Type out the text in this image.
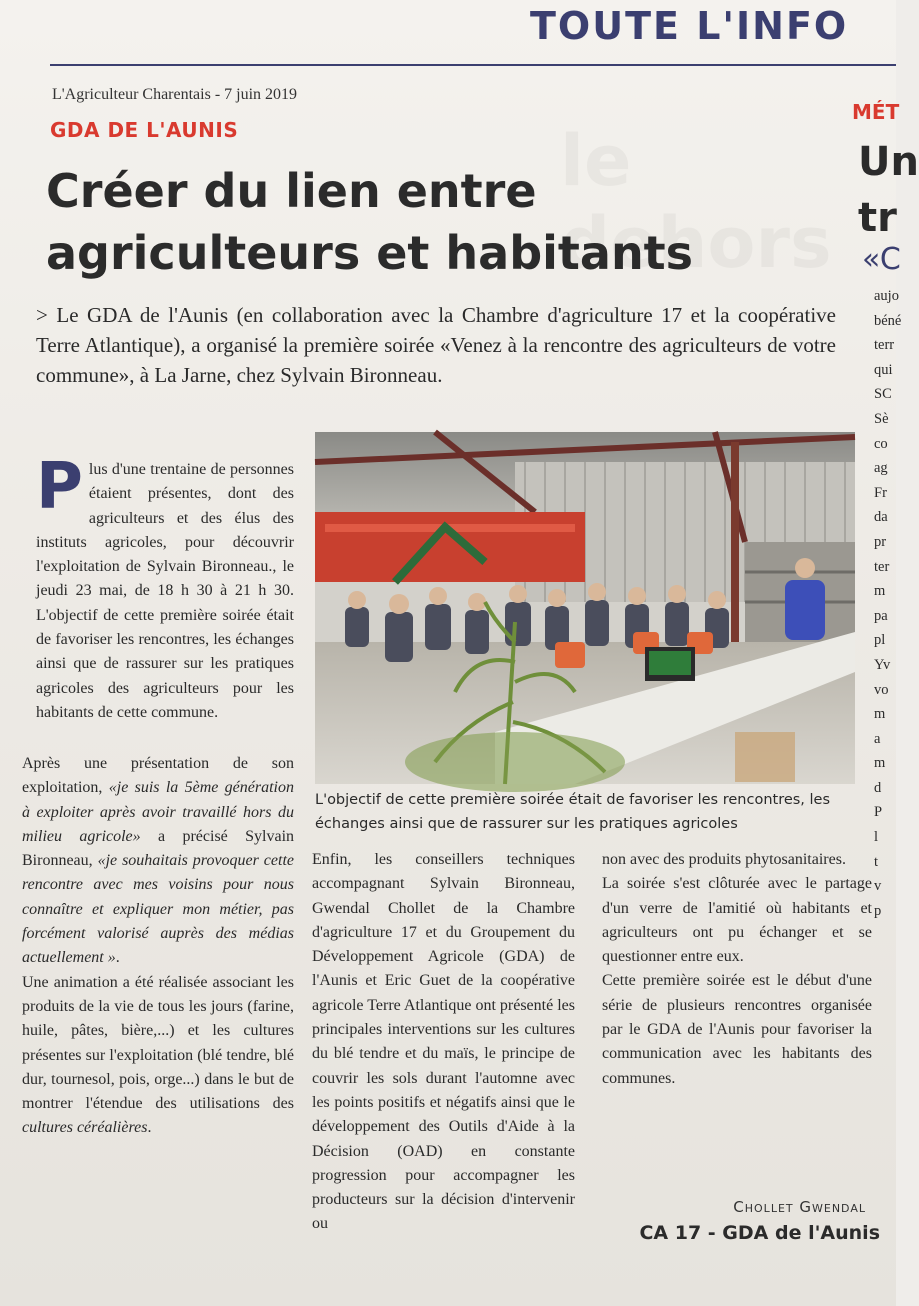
TOUTE L'INFO
L'Agriculteur Charentais - 7 juin 2019
GDA DE L'AUNIS
Créer du lien entre agriculteurs et habitants
> Le GDA de l'Aunis (en collaboration avec la Chambre d'agriculture 17 et la coopérative Terre Atlantique), a organisé la première soirée «Venez à la rencontre des agriculteurs de votre commune», à La Jarne, chez Sylvain Bironneau.
L'objectif de cette première soirée était de favoriser les rencontres, les échanges ainsi que de rassurer sur les pratiques agricoles

Plus d'une trentaine de personnes étaient présentes, dont des agriculteurs et des élus des instituts agricoles, pour découvrir l'exploitation de Sylvain Bironneau., le jeudi 23 mai, de 18 h 30 à 21 h 30. L'objectif de cette première soirée était de favoriser les rencontres, les échanges ainsi que de rassurer sur les pratiques agricoles des agriculteurs pour les habitants de cette commune.

Après une présentation de son exploitation, «je suis la 5ème génération à exploiter après avoir travaillé hors du milieu agricole» a précisé Sylvain Bironneau, «je souhaitais provoquer cette rencontre avec mes voisins pour nous connaître et expliquer mon métier, pas forcément valorisé auprès des médias actuellement ».

Une animation a été réalisée associant les produits de la vie de tous les jours (farine, huile, pâtes, bière,...) et les cultures présentes sur l'exploitation (blé tendre, blé dur, tournesol, pois, orge...) dans le but de montrer l'étendue des utilisations des cultures céréalières.

Enfin, les conseillers techniques accompagnant Sylvain Bironneau, Gwendal Chollet de la Chambre d'agriculture 17 et du Groupement du Développement Agricole (GDA) de l'Aunis et Eric Guet de la coopérative agricole Terre Atlantique ont présenté les principales interventions sur les cultures du blé tendre et du maïs, le principe de couvrir les sols durant l'automne avec les points positifs et négatifs ainsi que le développement des Outils d'Aide à la Décision (OAD) en constante progression pour accompagner les producteurs sur la décision d'intervenir ou

non avec des produits phytosanitaires.

La soirée s'est clôturée avec le partage d'un verre de l'amitié où habitants et agriculteurs ont pu échanger et se questionner entre eux.

Cette première soirée est le début d'une série de plusieurs rencontres organisée par le GDA de l'Aunis pour favoriser la communication avec les habitants des communes.

Chollet Gwendal
CA 17 - GDA de l'Aunis
MÉT
Un
tr
«C
aujo
béné
terr
qui
SC
Sè
co
ag
Fr
da
pr
ter
m
pa
pl
Yv
vo
m
a
m
d
P
l
t
v
p
